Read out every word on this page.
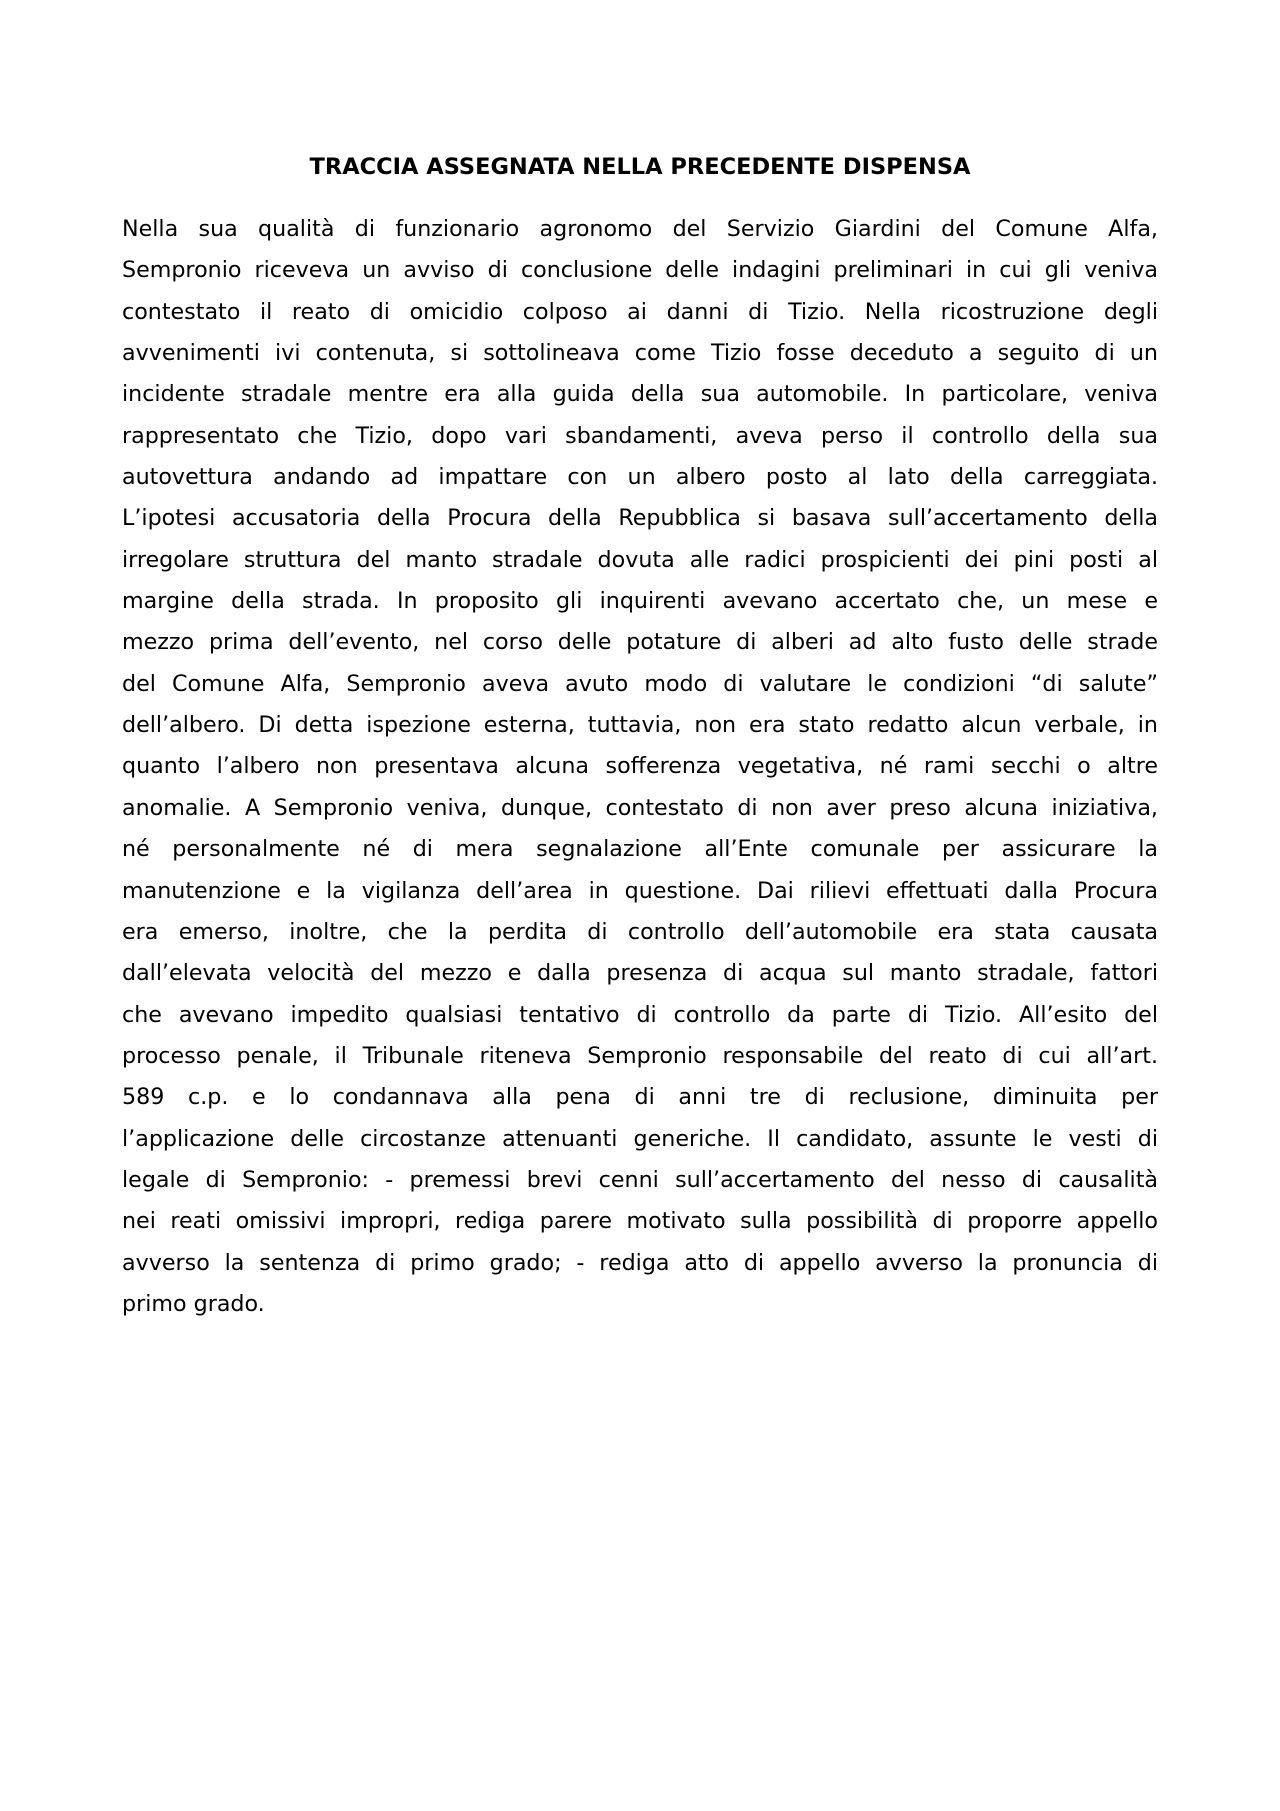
TRACCIA ASSEGNATA NELLA PRECEDENTE DISPENSA
Nella sua qualità di funzionario agronomo del Servizio Giardini del Comune Alfa,
Sempronio riceveva un avviso di conclusione delle indagini preliminari in cui gli veniva
contestato il reato di omicidio colposo ai danni di Tizio. Nella ricostruzione degli
avvenimenti ivi contenuta, si sottolineava come Tizio fosse deceduto a seguito di un
incidente stradale mentre era alla guida della sua automobile. In particolare, veniva
rappresentato che Tizio, dopo vari sbandamenti, aveva perso il controllo della sua
autovettura andando ad impattare con un albero posto al lato della carreggiata.
L’ipotesi accusatoria della Procura della Repubblica si basava sull’accertamento della
irregolare struttura del manto stradale dovuta alle radici prospicienti dei pini posti al
margine della strada. In proposito gli inquirenti avevano accertato che, un mese e
mezzo prima dell’evento, nel corso delle potature di alberi ad alto fusto delle strade
del Comune Alfa, Sempronio aveva avuto modo di valutare le condizioni “di salute”
dell’albero. Di detta ispezione esterna, tuttavia, non era stato redatto alcun verbale, in
quanto l’albero non presentava alcuna sofferenza vegetativa, né rami secchi o altre
anomalie. A Sempronio veniva, dunque, contestato di non aver preso alcuna iniziativa,
né personalmente né di mera segnalazione all’Ente comunale per assicurare la
manutenzione e la vigilanza dell’area in questione. Dai rilievi effettuati dalla Procura
era emerso, inoltre, che la perdita di controllo dell’automobile era stata causata
dall’elevata velocità del mezzo e dalla presenza di acqua sul manto stradale, fattori
che avevano impedito qualsiasi tentativo di controllo da parte di Tizio. All’esito del
processo penale, il Tribunale riteneva Sempronio responsabile del reato di cui all’art.
589 c.p. e lo condannava alla pena di anni tre di reclusione, diminuita per
l’applicazione delle circostanze attenuanti generiche. Il candidato, assunte le vesti di
legale di Sempronio: - premessi brevi cenni sull’accertamento del nesso di causalità
nei reati omissivi impropri, rediga parere motivato sulla possibilità di proporre appello
avverso la sentenza di primo grado; - rediga atto di appello avverso la pronuncia di
primo grado.
